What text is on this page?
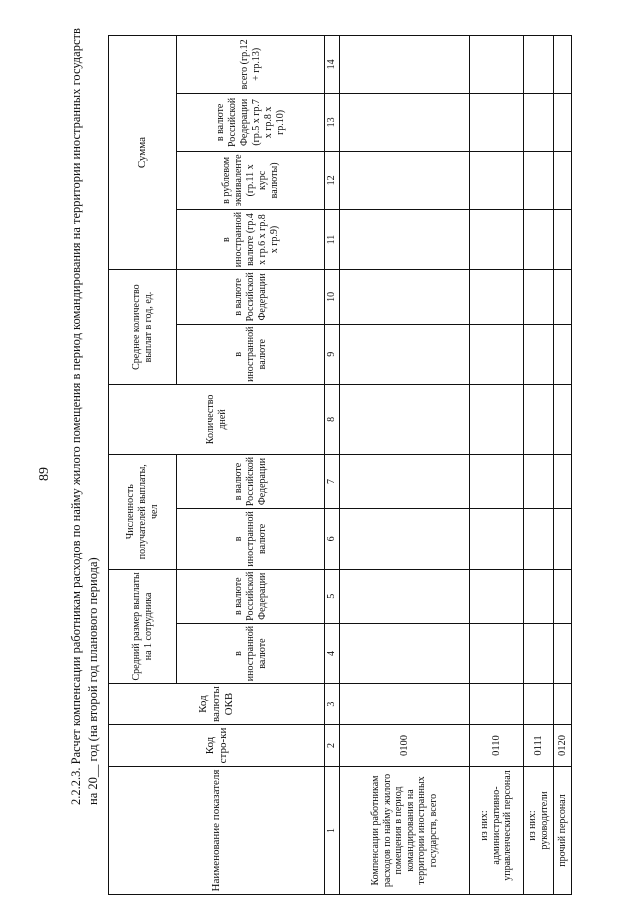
89 2.2.2.3. Расчет компенсации работникам расходов по найму жилого помещения в период командирования на территории иностранных государств на 20__ год (на второй год планового периода)
Наименование показателя	Код стро-ки	Код валюты ОКВ	Средний размер выплаты на 1 сотрудника		Численность получателей выплаты, чел		Количество дней	Среднее количество выплат в год, ед.		Сумма			
			в иностранной валюте	в валюте Российской Федерации	в иностранной валюте	в валюте Российской Федерации		в иностранной валюте	в валюте Российской Федерации	в иностранной валюте (гр.4 х гр.6 х гр.8 х гр.9)	в рублевом эквиваленте (гр.11 х курс валюты)	в валюте Российской Федерации (гр.5 х гр.7 х гр.8 х гр.10)	всего (гр.12 + гр.13)
1	2	3	4	5	6	7	8	9	10	11	12	13	14
Компенсации работникам расходов по найму жилого помещения в период командирования на территории иностранных государств, всего	0100												

из них: административно-управленческий персонал	0110												

из них: руководители	0111												
прочий персонал	0120												
